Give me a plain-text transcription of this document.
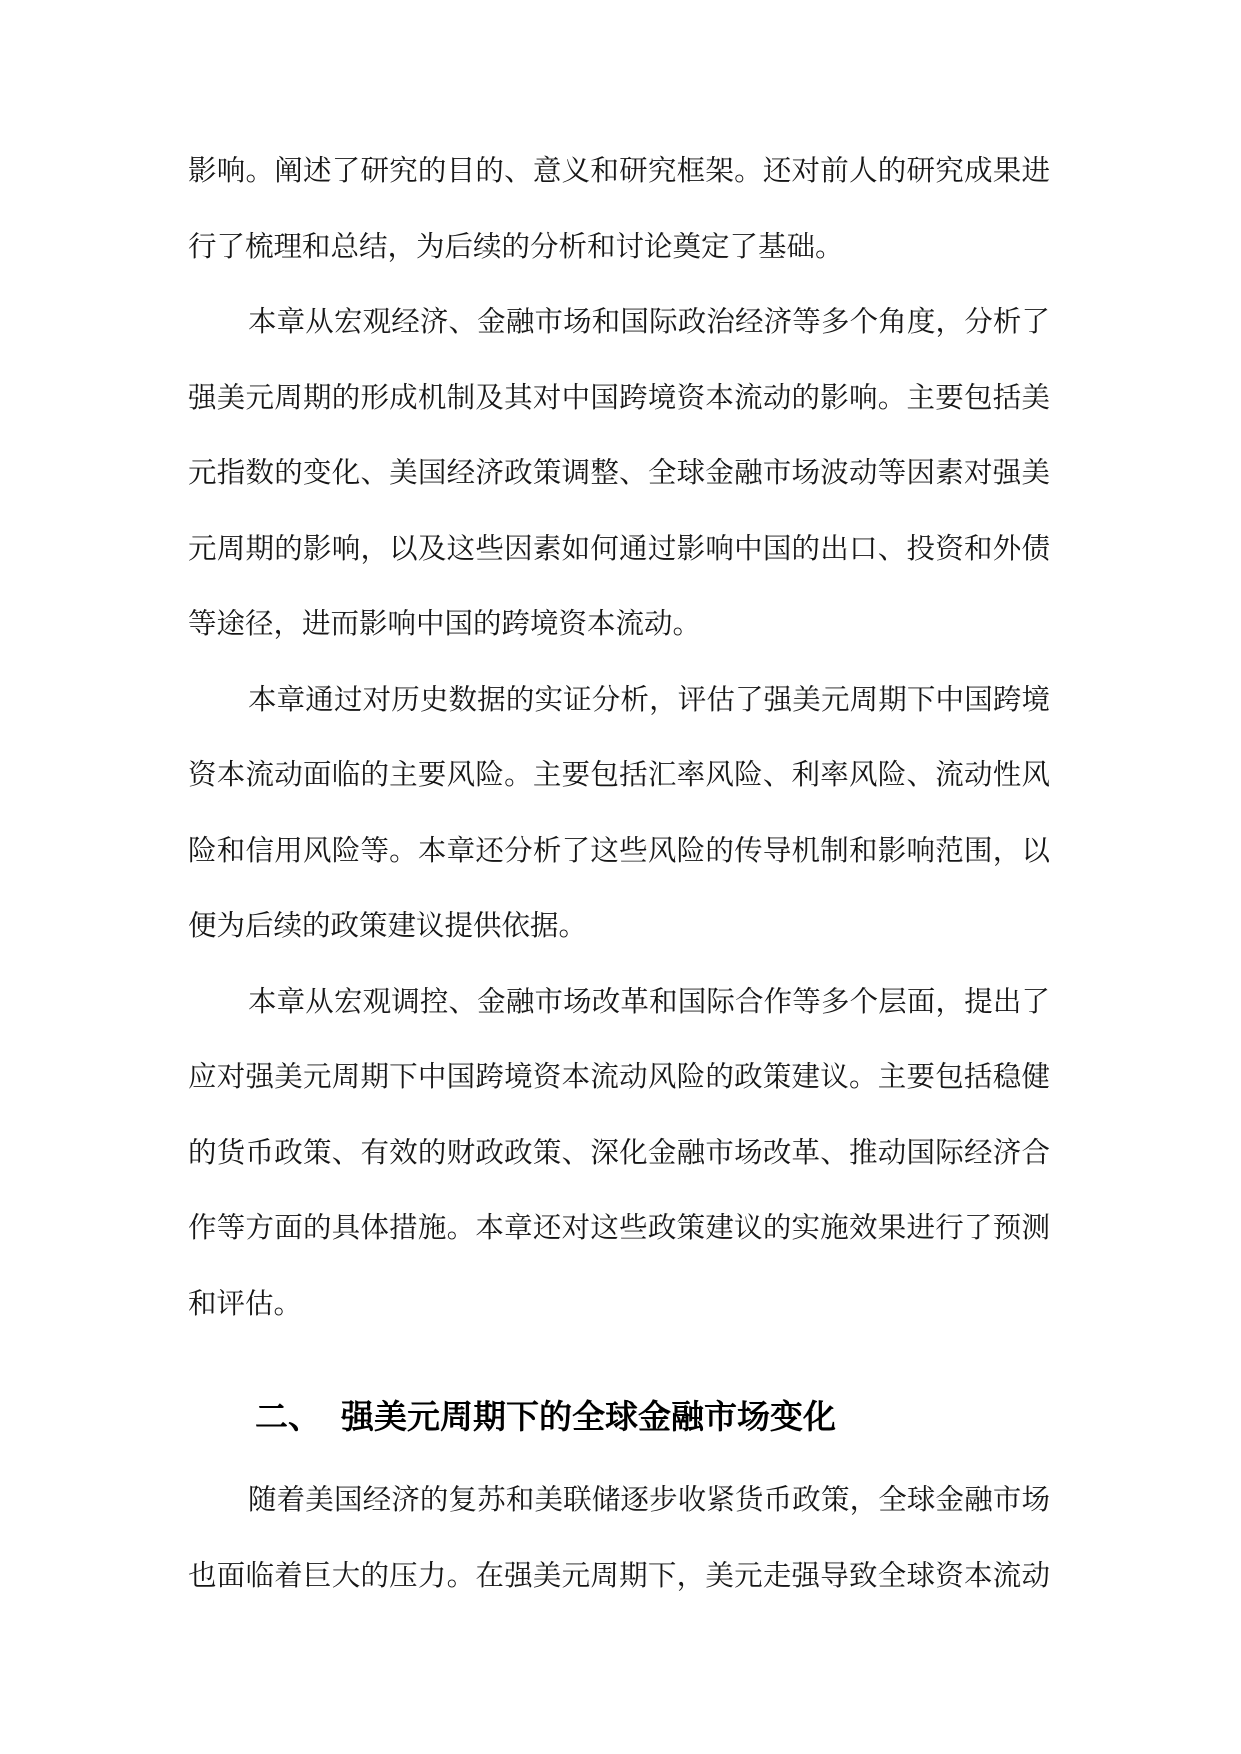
影响。阐述了研究的目的、意义和研究框架。还对前人的研究成果进
行了梳理和总结，为后续的分析和讨论奠定了基础。
本章从宏观经济、金融市场和国际政治经济等多个角度，分析了
强美元周期的形成机制及其对中国跨境资本流动的影响。主要包括美
元指数的变化、美国经济政策调整、全球金融市场波动等因素对强美
元周期的影响，以及这些因素如何通过影响中国的出口、投资和外债
等途径，进而影响中国的跨境资本流动。
本章通过对历史数据的实证分析，评估了强美元周期下中国跨境
资本流动面临的主要风险。主要包括汇率风险、利率风险、流动性风
险和信用风险等。本章还分析了这些风险的传导机制和影响范围，以
便为后续的政策建议提供依据。
本章从宏观调控、金融市场改革和国际合作等多个层面，提出了
应对强美元周期下中国跨境资本流动风险的政策建议。主要包括稳健
的货币政策、有效的财政政策、深化金融市场改革、推动国际经济合
作等方面的具体措施。本章还对这些政策建议的实施效果进行了预测
和评估。
二、 强美元周期下的全球金融市场变化
随着美国经济的复苏和美联储逐步收紧货币政策，全球金融市场
也面临着巨大的压力。在强美元周期下，美元走强导致全球资本流动
